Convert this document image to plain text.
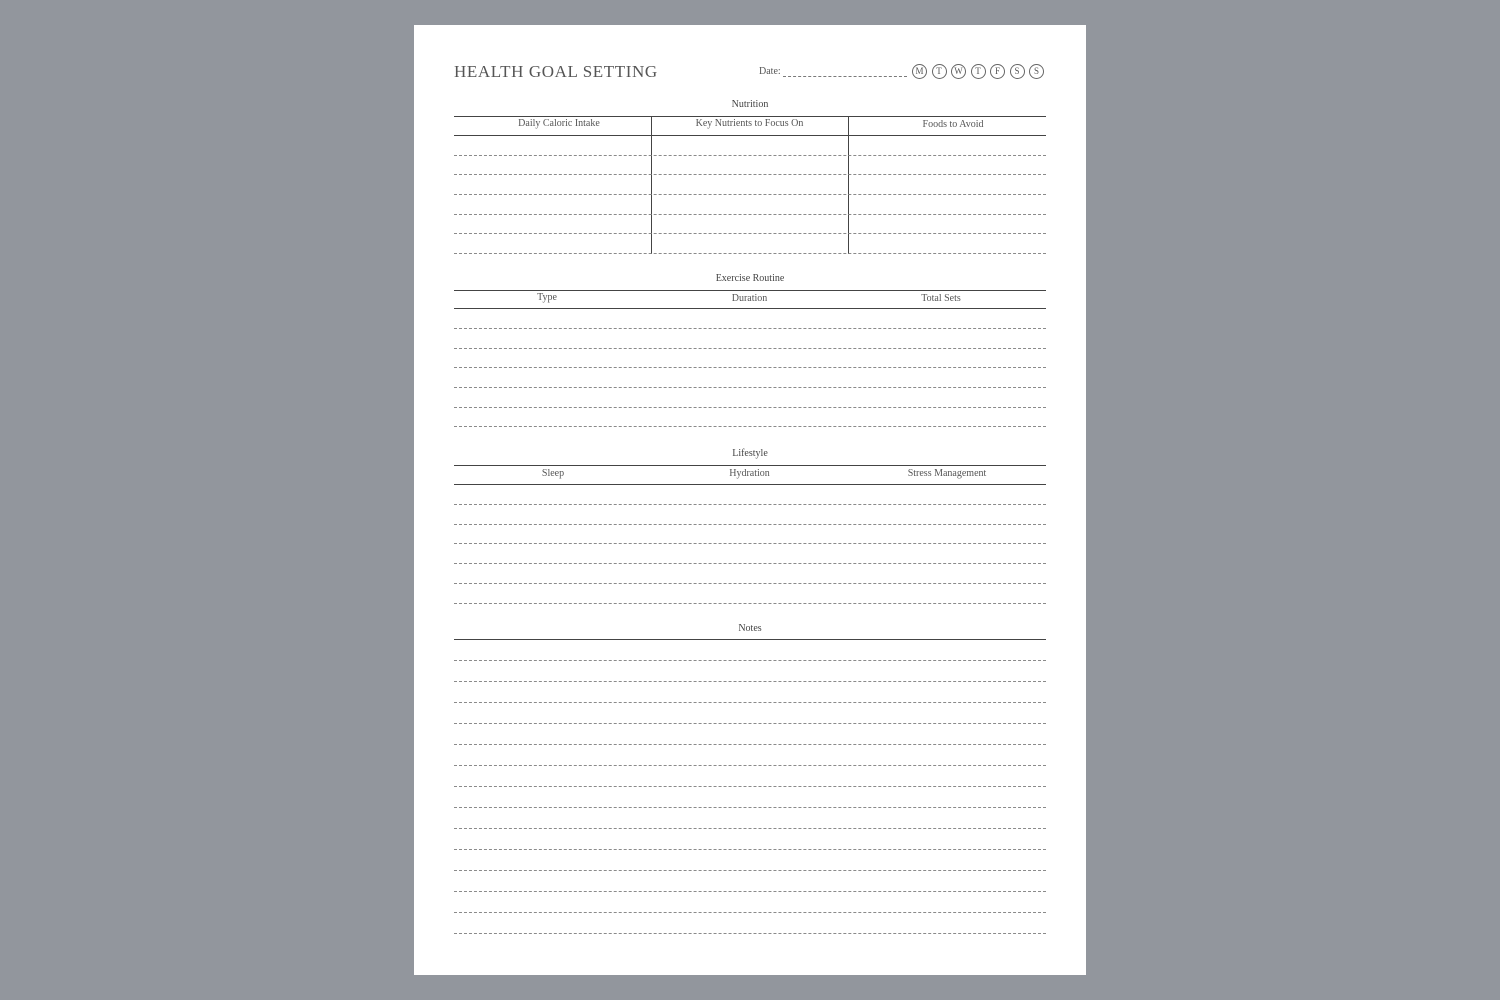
HEALTH GOAL SETTING	Date:	M	T	W	T	F	S	S
Nutrition
Daily Caloric Intake	Key Nutrients to Focus On	Foods to Avoid
Exercise Routine
Type	Duration	Total Sets
Lifestyle
Sleep	Hydration	Stress Management
Notes
